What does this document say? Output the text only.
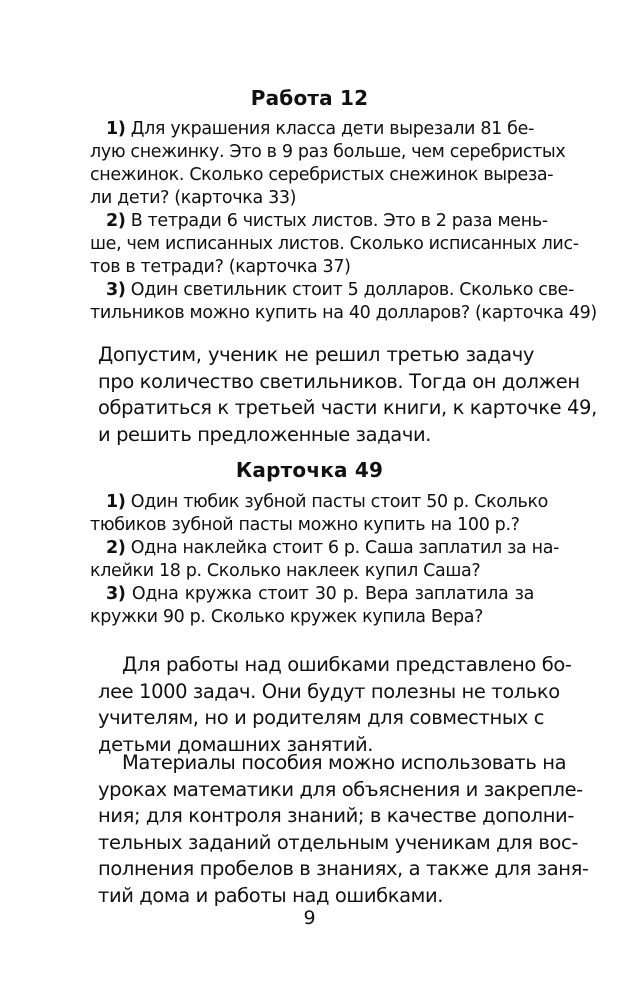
Работа 12
1) Для украшения класса дети вырезали 81 бе-
лую снежинку. Это в 9 раз больше, чем серебристых
снежинок. Сколько серебристых снежинок выреза-
ли дети? (карточка 33)
2) В тетради 6 чистых листов. Это в 2 раза мень-
ше, чем исписанных листов. Сколько исписанных лис-
тов в тетради? (карточка 37)
3) Один светильник стоит 5 долларов. Сколько све-
тильников можно купить на 40 долларов? (карточка 49)
Допустим, ученик не решил третью задачу
про количество светильников. Тогда он должен
обратиться к третьей части книги, к карточке 49,
и решить предложенные задачи.
Карточка 49
1) Один тюбик зубной пасты стоит 50 р. Сколько
тюбиков зубной пасты можно купить на 100 р.?
2) Одна наклейка стоит 6 р. Саша заплатил за на-
клейки 18 р. Сколько наклеек купил Саша?
3) Одна кружка стоит 30 р. Вера заплатила за
кружки 90 р. Сколько кружек купила Вера?
Для работы над ошибками представлено бо-
лее 1000 задач. Они будут полезны не только
учителям, но и родителям для совместных с
детьми домашних занятий.
Материалы пособия можно использовать на
уроках математики для объяснения и закрепле-
ния; для контроля знаний; в качестве дополни-
тельных заданий отдельным ученикам для вос-
полнения пробелов в знаниях, а также для заня-
тий дома и работы над ошибками.
9
